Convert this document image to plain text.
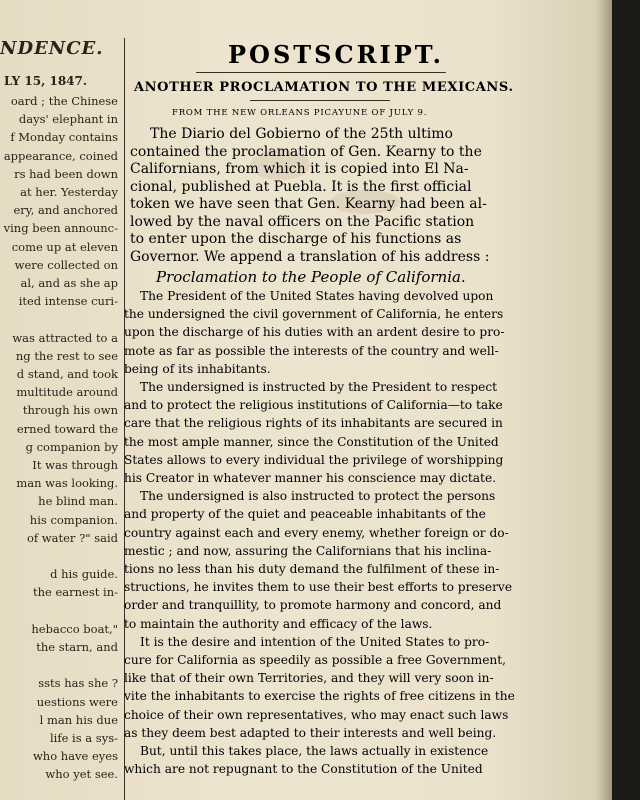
NDENCE.
LY 15, 1847.
oard ; the Chinese
days' elephant in
f Monday contains
appearance, coined
rs had been down
at her. Yesterday
ery, and anchored
ving been announc-
come up at eleven
were collected on
al, and as she ap
ited intense curi-
was attracted to a
ng the rest to see
d stand, and took
multitude around
through his own
erned toward the
g companion by
It was through
man was looking.
he blind man.
his companion.
of water ?" said
d his guide.
the earnest in-
hebacco boat,"
the starn, and
ssts has she ?
uestions were
l man his due
life is a sys-
who have eyes
who yet see.
POSTSCRIPT.
ANOTHER PROCLAMATION TO THE MEXICANS.
FROM THE NEW ORLEANS PICAYUNE OF JULY 9.
The Diario del Gobierno of the 25th ultimo
contained the proclamation of Gen. Kearny to the
Californians, from which it is copied into El Na-
cional, published at Puebla. It is the first official
token we have seen that Gen. Kearny had been al-
lowed by the naval officers on the Pacific station
to enter upon the discharge of his functions as
Governor. We append a translation of his address :
Proclamation to the People of California.
The President of the United States having devolved upon
the undersigned the civil government of California, he enters
upon the discharge of his duties with an ardent desire to pro-
mote as far as possible the interests of the country and well-
being of its inhabitants.
The undersigned is instructed by the President to respect
and to protect the religious institutions of California—to take
care that the religious rights of its inhabitants are secured in
the most ample manner, since the Constitution of the United
States allows to every individual the privilege of worshipping
his Creator in whatever manner his conscience may dictate.
The undersigned is also instructed to protect the persons
and property of the quiet and peaceable inhabitants of the
country against each and every enemy, whether foreign or do-
mestic ; and now, assuring the Californians that his inclina-
tions no less than his duty demand the fulfilment of these in-
structions, he invites them to use their best efforts to preserve
order and tranquillity, to promote harmony and concord, and
to maintain the authority and efficacy of the laws.
It is the desire and intention of the United States to pro-
cure for California as speedily as possible a free Government,
like that of their own Territories, and they will very soon in-
vite the inhabitants to exercise the rights of free citizens in the
choice of their own representatives, who may enact such laws
as they deem best adapted to their interests and well being.
But, until this takes place, the laws actually in existence
which are not repugnant to the Constitution of the United
